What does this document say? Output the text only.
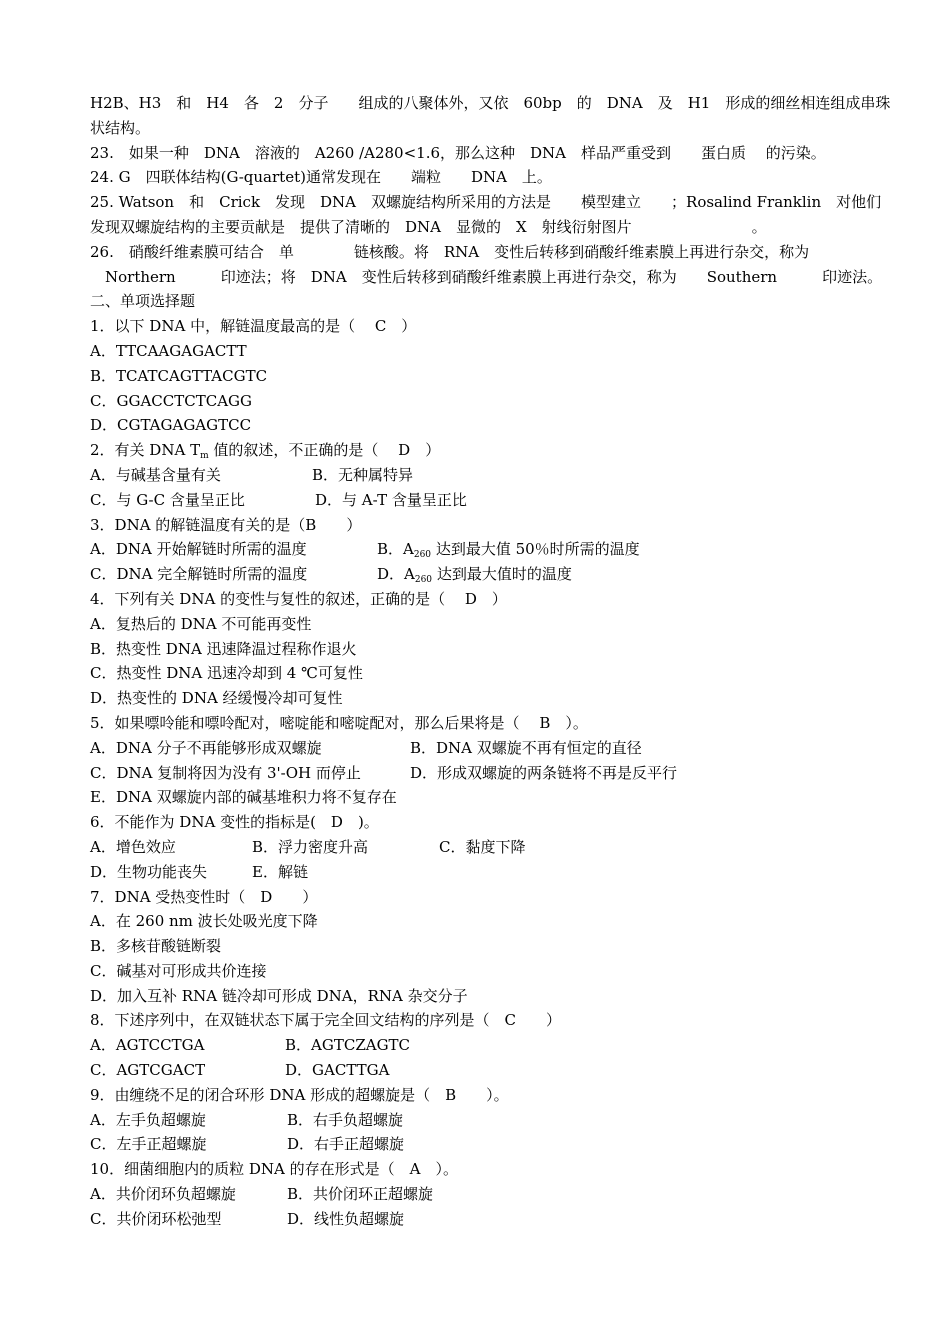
H2B、H3　和　H4　各　2　分子　　组成的八聚体外，又依　60bp　的　DNA　及　H1　形成的细丝相连组成串珠
状结构。
23.　如果一种　DNA　溶液的　A260 /A280<1.6，那么这种　DNA　样品严重受到　　蛋白质　 的污染。
24. G　四联体结构(G-quartet)通常发现在　　端粒　　DNA　上。
25. Watson　和　Crick　发现　DNA　双螺旋结构所采用的方法是　　模型建立　　；Rosalind Franklin　对他们
发现双螺旋结构的主要贡献是　提供了清晰的　DNA　显微的　X　射线衍射图片　　　　　　　　。
26.　硝酸纤维素膜可结合　单　　　　链核酸。将　RNA　变性后转移到硝酸纤维素膜上再进行杂交，称为
　Northern　　　印迹法；将　DNA　变性后转移到硝酸纤维素膜上再进行杂交，称为　　Southern　　　印迹法。
二、单项选择题
1．以下 DNA 中，解链温度最高的是（　 C　）
A．TTCAAGAGACTT
B．TCATCAGTTACGTC
C．GGACCTCTCAGG
D．CGTAGAGAGTCC
2．有关 DNA $T_m$ 值的叙述，不正确的是（　 D　）
A．与碱基含量有关	B．无种属特异
C．与 G-C 含量呈正比	D．与 A-T 含量呈正比
3．DNA 的解链温度有关的是（B　　）
A．DNA 开始解链时所需的温度	B．$A_{260}$ 达到最大值 50％时所需的温度
C．DNA 完全解链时所需的温度	D．$A_{260}$ 达到最大值时的温度
4．下列有关 DNA 的变性与复性的叙述，正确的是（　 D　）
A．复热后的 DNA 不可能再变性
B．热变性 DNA 迅速降温过程称作退火
C．热变性 DNA 迅速冷却到 4 ℃可复性
D．热变性的 DNA 经缓慢冷却可复性
5．如果嘌呤能和嘌呤配对，嘧啶能和嘧啶配对，那么后果将是（　 B　）。
A．DNA 分子不再能够形成双螺旋	B．DNA 双螺旋不再有恒定的直径
C．DNA 复制将因为没有 3'-OH 而停止	D．形成双螺旋的两条链将不再是反平行
E．DNA 双螺旋内部的碱基堆积力将不复存在
6．不能作为 DNA 变性的指标是(　D　)。
A．增色效应	B．浮力密度升高	C．黏度下降
D．生物功能丧失	E．解链
7．DNA 受热变性时（　D　　）
A．在 260 nm 波长处吸光度下降
B．多核苷酸链断裂
C．碱基对可形成共价连接
D．加入互补 RNA 链冷却可形成 DNA，RNA 杂交分子
8．下述序列中，在双链状态下属于完全回文结构的序列是（　C　　）
A．AGTCCTGA	B．AGTCZAGTC
C．AGTCGACT	D．GACTTGA
9．由缠绕不足的闭合环形 DNA 形成的超螺旋是（　B　　）。
A．左手负超螺旋	B．右手负超螺旋
C．左手正超螺旋	D．右手正超螺旋
10．细菌细胞内的质粒 DNA 的存在形式是（　A　）。
A．共价闭环负超螺旋	B．共价闭环正超螺旋
C．共价闭环松弛型	D．线性负超螺旋
